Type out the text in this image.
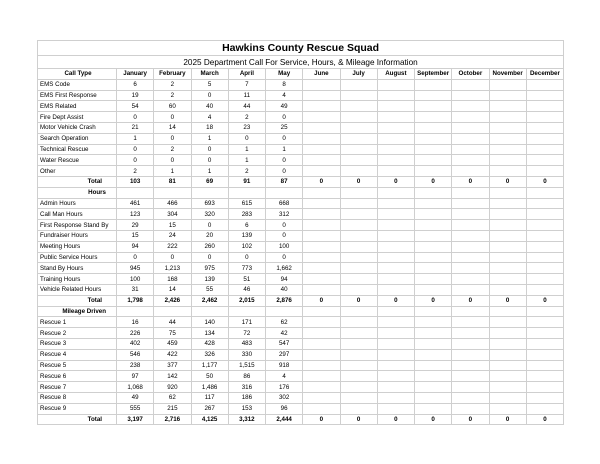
Hawkins County Rescue Squad												
2025 Department Call For Service, Hours, & Mileage Information												
Call Type	January	February	March	April	May	June	July	August	September	October	November	December
EMS Code	6	2	5	7	8							
EMS First Response	19	2	0	11	4							
EMS Related	54	60	40	44	49							
Fire Dept Assist	0	0	4	2	0							
Motor Vehicle Crash	21	14	18	23	25							
Search Operation	1	0	1	0	0							
Technical Rescue	0	2	0	1	1							
Water Rescue	0	0	0	1	0							
Other	2	1	1	2	0							
Total	103	81	69	91	87	0	0	0	0	0	0	0
Hours												
Admin Hours	461	466	693	615	668							
Call Man Hours	123	304	320	283	312							
First Response Stand By	29	15	0	6	0							
Fundraiser Hours	15	24	20	139	0							
Meeting Hours	94	222	260	102	100							
Public Service Hours	0	0	0	0	0							
Stand By Hours	945	1,213	975	773	1,662							
Training Hours	100	168	139	51	94							
Vehicle Related Hours	31	14	55	46	40							
Total	1,798	2,426	2,462	2,015	2,876	0	0	0	0	0	0	0
Mileage Driven												
Rescue 1	16	44	140	171	62							
Rescue 2	226	75	134	72	42							
Rescue 3	402	459	428	483	547							
Rescue 4	546	422	326	330	297							
Rescue 5	238	377	1,177	1,515	918							
Rescue 6	97	142	50	86	4							
Rescue 7	1,068	920	1,486	316	176							
Rescue 8	49	62	117	186	302							
Rescue 9	555	215	267	153	96							
Total	3,197	2,716	4,125	3,312	2,444	0	0	0	0	0	0	0
